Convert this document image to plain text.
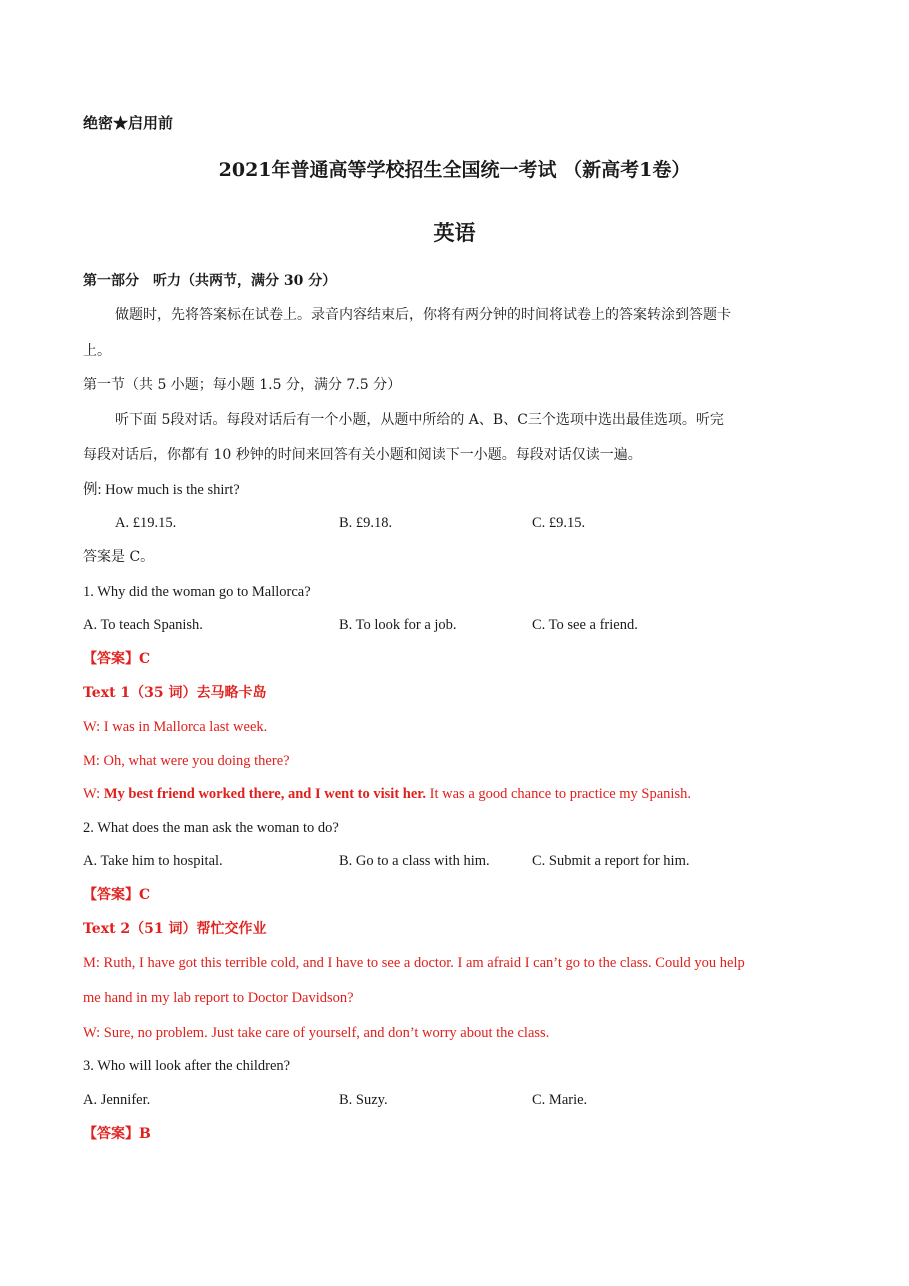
绝密★启用前
2021年普通高等学校招生全国统一考试 （新高考1卷）
英语
第一部分　听力（共两节，满分 30 分）
做题时，先将答案标在试卷上。录音内容结束后，你将有两分钟的时间将试卷上的答案转涂到答题卡
上。
第一节（共 5 小题；每小题 1.5 分，满分 7.5 分）
听下面 5段对话。每段对话后有一个小题，从题中所给的 A、B、C三个选项中选出最佳选项。听完
每段对话后，你都有 10 秒钟的时间来回答有关小题和阅读下一小题。每段对话仅读一遍。
例: How much is the shirt?
A. £19.15.	B. £9.18.	C. £9.15.
答案是 C。
1. Why did the woman go to Mallorca?
A. To teach Spanish.	B. To look for a job.	C. To see a friend.
【答案】C
Text 1（35 词）去马略卡岛
W: I was in Mallorca last week.
M: Oh, what were you doing there?
W: My best friend worked there, and I went to visit her. It was a good chance to practice my Spanish.
2. What does the man ask the woman to do?
A. Take him to hospital.	B. Go to a class with him.	C. Submit a report for him.
【答案】C
Text 2（51 词）帮忙交作业
M: Ruth, I have got this terrible cold, and I have to see a doctor. I am afraid I can’t go to the class. Could you help
me hand in my lab report to Doctor Davidson?
W: Sure, no problem. Just take care of yourself, and don’t worry about the class.
3. Who will look after the children?
A. Jennifer.	B. Suzy.	C. Marie.
【答案】B
